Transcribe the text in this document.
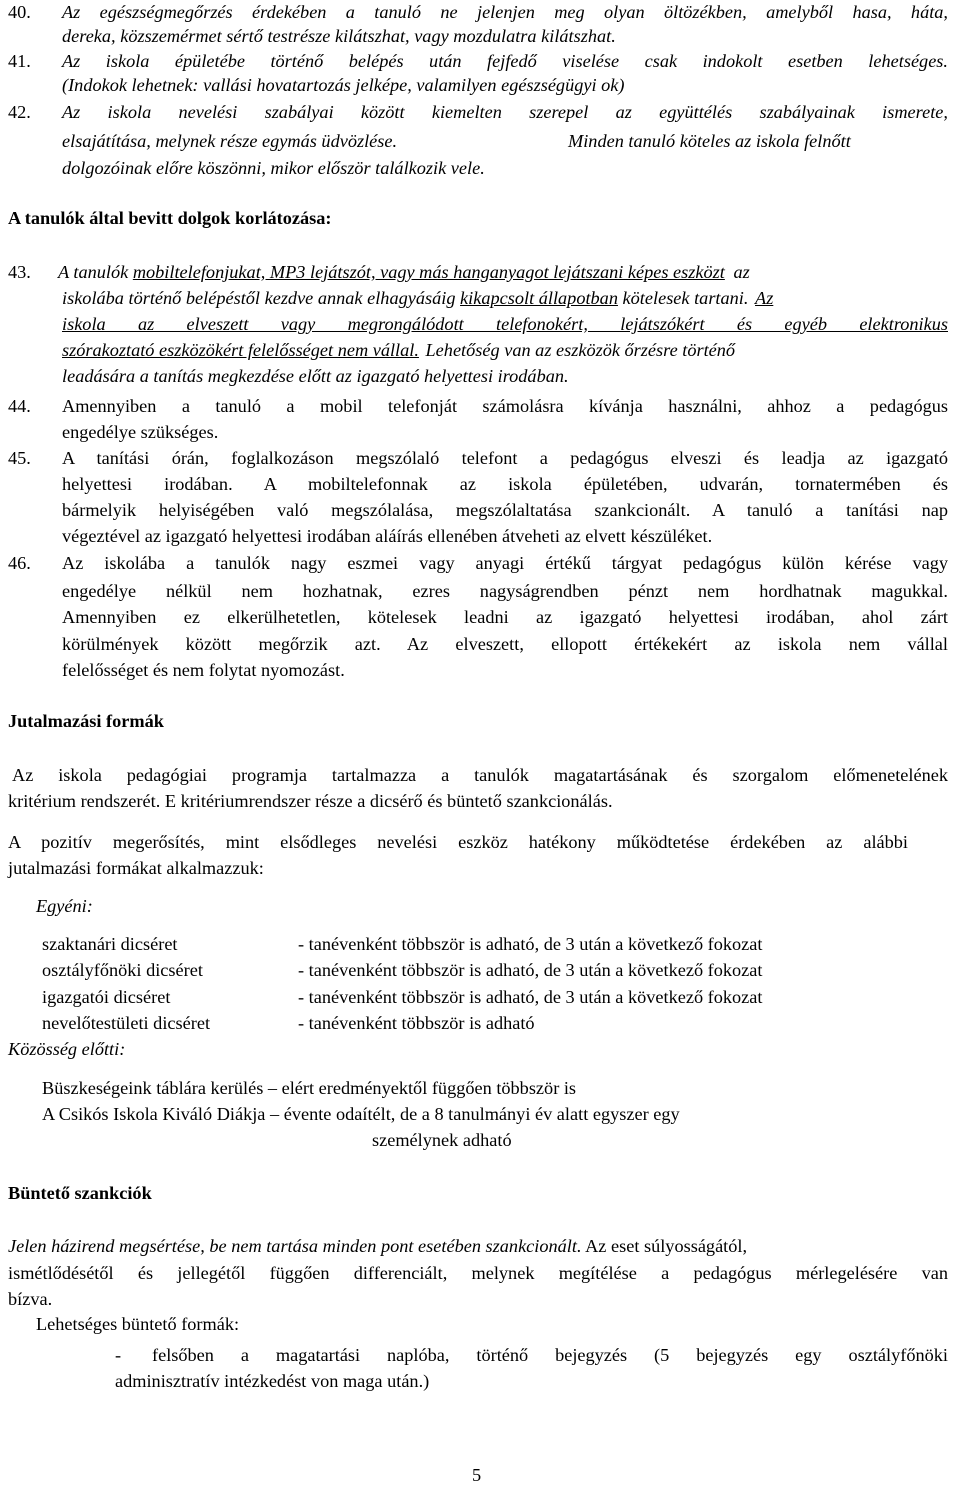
40. Az egészségmegőrzés érdekében a tanuló ne jelenjen meg olyan öltözékben, amelyből hasa, háta,
dereka, közszemérmet sértő testrésze kilátszhat, vagy mozdulatra kilátszhat.
41. Az iskola épületébe történő belépés után fejfedő viselése csak indokolt esetben lehetséges.
(Indokok lehetnek: vallási hovatartozás jelképe, valamilyen egészségügyi ok)
42. Az iskola nevelési szabályai között kiemelten szerepel az együttélés szabályainak ismerete,
elsajátítása, melynek része egymás üdvözlése.	Minden tanuló köteles az iskola felnőtt
dolgozóinak előre köszönni, mikor először találkozik vele.
A tanulók által bevitt dolgok korlátozása:
43. A tanulók mobiltelefonjukat, MP3 lejátszót, vagy más hanganyagot lejátszani képes eszközt az
iskolába történő belépéstől kezdve annak elhagyásáig kikapcsolt állapotban kötelesek tartani. Az
iskola az elveszett vagy megrongálódott telefonokért, lejátszókért és egyéb elektronikus
szórakoztató eszközökért felelősséget nem vállal. Lehetőség van az eszközök őrzésre történő
leadására a tanítás megkezdése előtt az igazgató helyettesi irodában.
44. Amennyiben a tanuló a mobil telefonját számolásra kívánja használni, ahhoz a pedagógus
engedélye szükséges.
45. A tanítási órán, foglalkozáson megszólaló telefont a pedagógus elveszi és leadja az igazgató
helyettesi irodában. A mobiltelefonnak az iskola épületében, udvarán, tornatermében és
bármelyik helyiségében való megszólalása, megszólaltatása szankcionált. A tanuló a tanítási nap
végeztével az igazgató helyettesi irodában aláírás ellenében átveheti az elvett készüléket.
46. Az iskolába a tanulók nagy eszmei vagy anyagi értékű tárgyat pedagógus külön kérése vagy
engedélye nélkül nem hozhatnak, ezres nagyságrendben pénzt nem hordhatnak magukkal.
Amennyiben ez elkerülhetetlen, kötelesek leadni az igazgató helyettesi irodában, ahol zárt
körülmények között megőrzik azt. Az elveszett, ellopott értékekért az iskola nem vállal
felelősséget és nem folytat nyomozást.
Jutalmazási formák
Az iskola pedagógiai programja tartalmazza a tanulók magatartásának és szorgalom előmenetelének
kritérium rendszerét. E kritériumrendszer része a dicsérő és büntető szankcionálás.
A pozitív megerősítés, mint elsődleges nevelési eszköz hatékony működtetése érdekében az alábbi
jutalmazási formákat alkalmazzuk:
Egyéni:
szaktanári dicséret	- tanévenként többször is adható, de 3 után a következő fokozat
osztályfőnöki dicséret	- tanévenként többször is adható, de 3 után a következő fokozat
igazgatói dicséret	- tanévenként többször is adható, de 3 után a következő fokozat
nevelőtestületi dicséret	- tanévenként többször is adható
Közösség előtti:
Büszkeségeink táblára kerülés – elért eredményektől függően többször is
A Csikós Iskola Kiváló Diákja – évente odaítélt, de a 8 tanulmányi év alatt egyszer egy
személynek adható
Büntető szankciók
Jelen házirend megsértése, be nem tartása minden pont esetében szankcionált. Az eset súlyosságától,
ismétlődésétől és jellegétől függően differenciált, melynek megítélése a pedagógus mérlegelésére van
bízva.
Lehetséges büntető formák:
- felsőben a magatartási naplóba, történő bejegyzés (5 bejegyzés egy osztályfőnöki
adminisztratív intézkedést von maga után.)
5
